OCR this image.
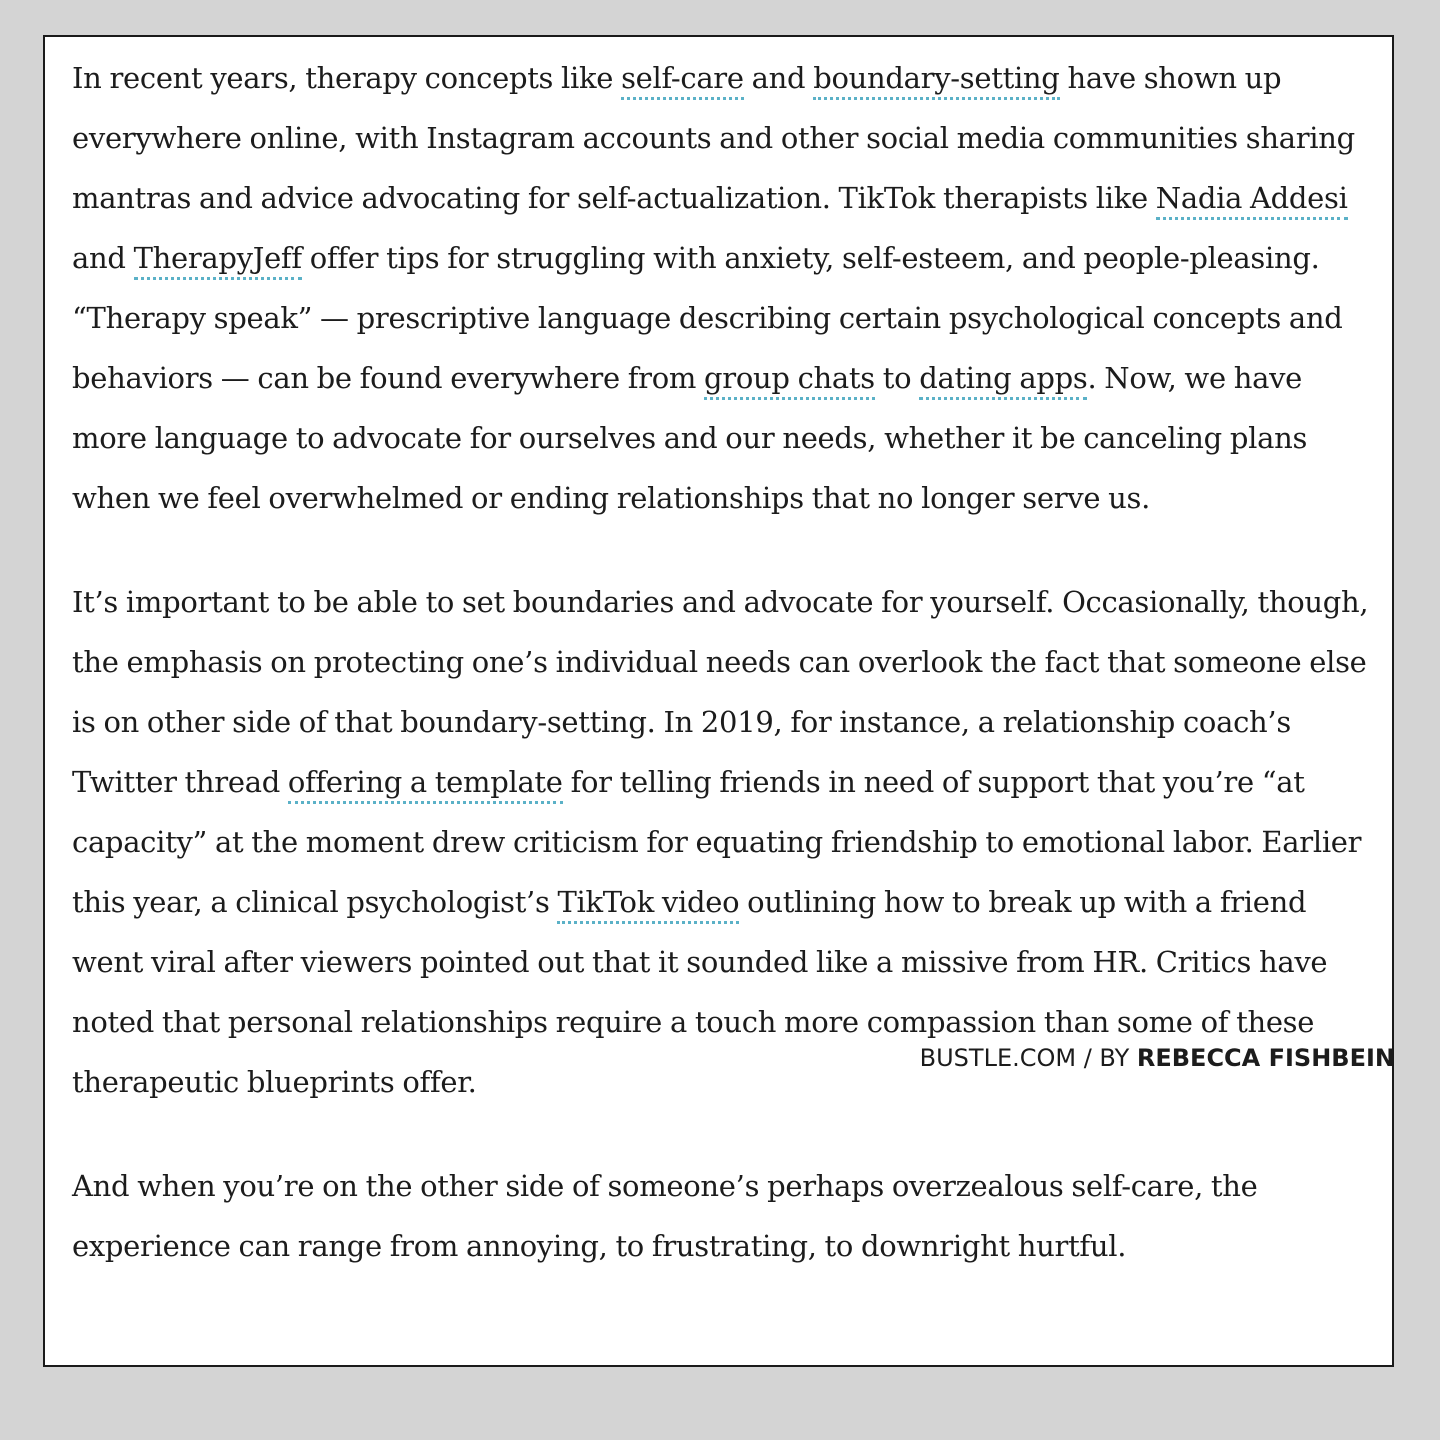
In recent years, therapy concepts like self-care and boundary-setting have shown up everywhere online, with Instagram accounts and other social media communities sharing mantras and advice advocating for self-actualization. TikTok therapists like Nadia Addesi and TherapyJeff offer tips for struggling with anxiety, self-esteem, and people-pleasing. “Therapy speak” — prescriptive language describing certain psychological concepts and behaviors — can be found everywhere from group chats to dating apps. Now, we have more language to advocate for ourselves and our needs, whether it be canceling plans when we feel overwhelmed or ending relationships that no longer serve us.

It’s important to be able to set boundaries and advocate for yourself. Occasionally, though, the emphasis on protecting one’s individual needs can overlook the fact that someone else is on other side of that boundary-setting. In 2019, for instance, a relationship coach’s Twitter thread offering a template for telling friends in need of support that you’re “at capacity” at the moment drew criticism for equating friendship to emotional labor. Earlier this year, a clinical psychologist’s TikTok video outlining how to break up with a friend went viral after viewers pointed out that it sounded like a missive from HR. Critics have noted that personal relationships require a touch more compassion than some of these therapeutic blueprints offer.

And when you’re on the other side of someone’s perhaps overzealous self-care, the experience can range from annoying, to frustrating, to downright hurtful.

BUSTLE.COM / BY REBECCA FISHBEIN
